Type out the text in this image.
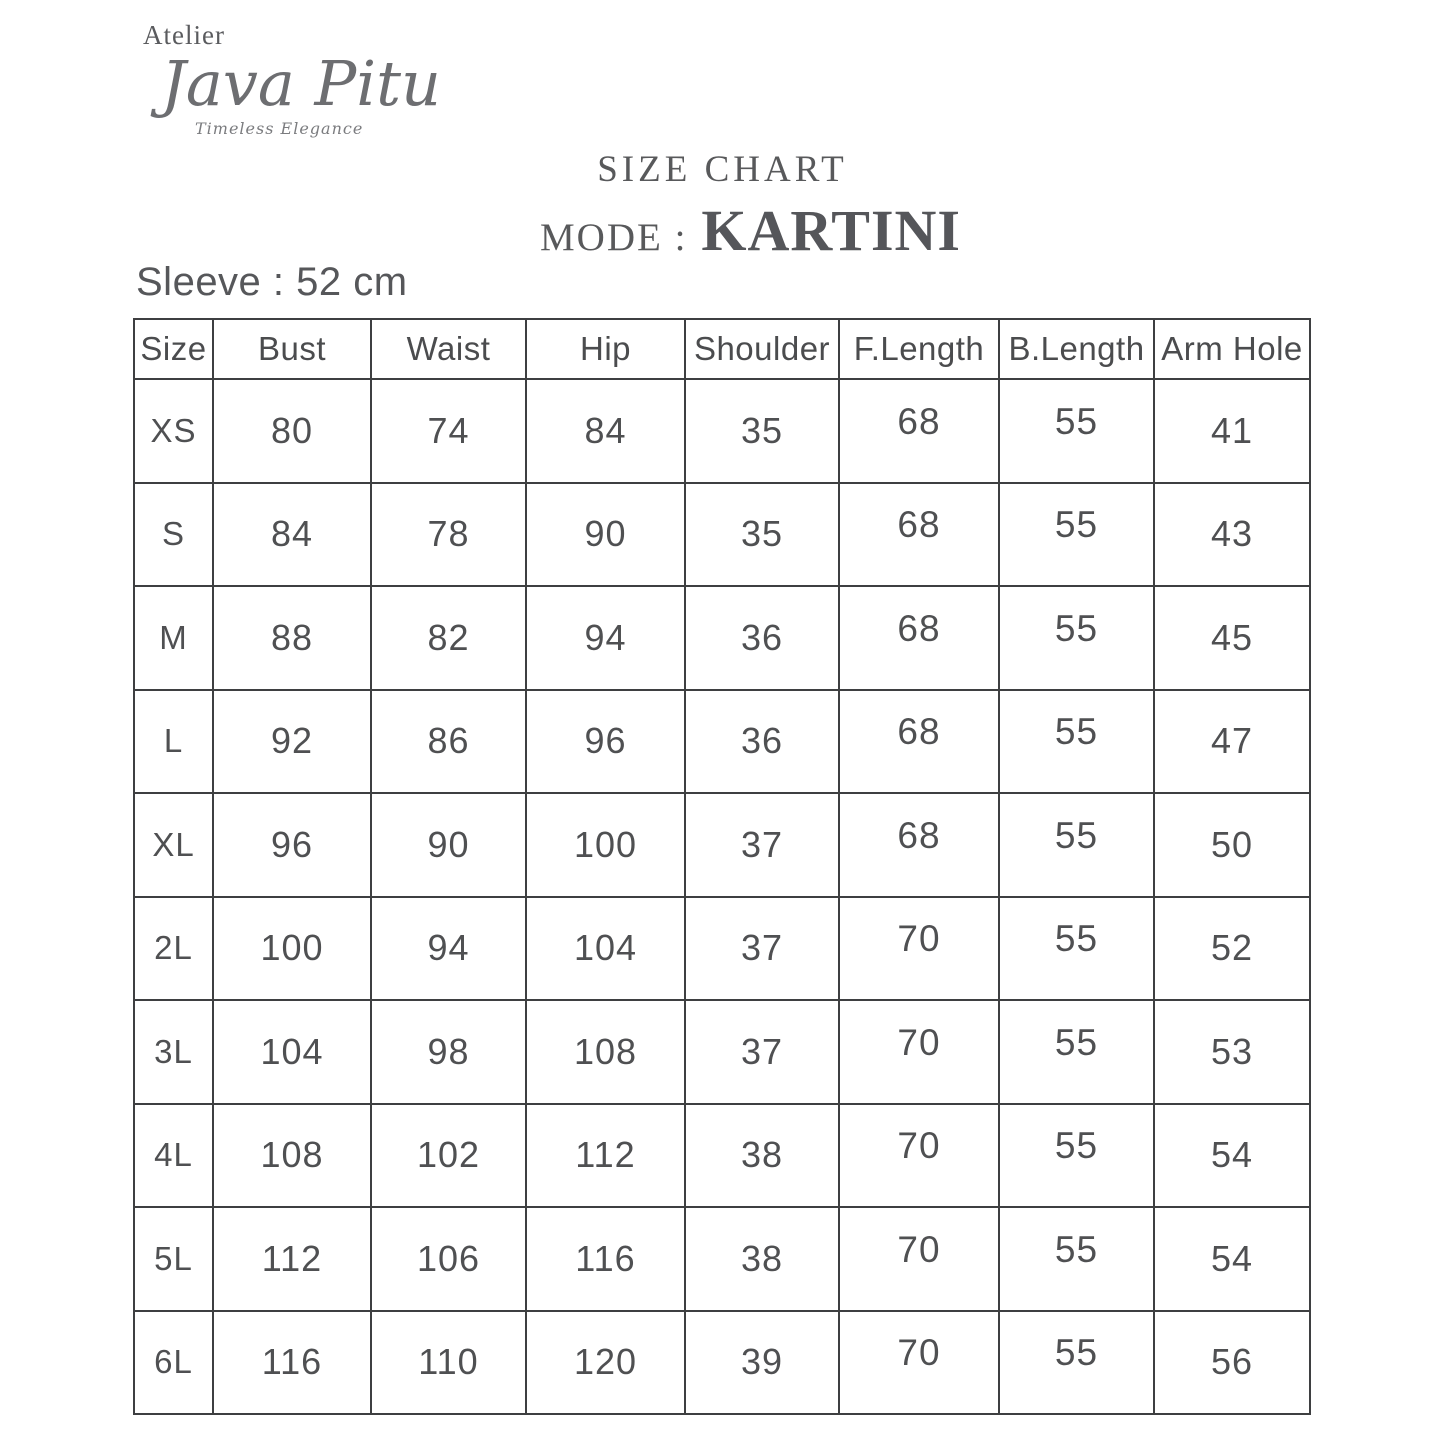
Atelier
Java Pitu
Timeless Elegance
SIZE CHART
MODE : KARTINI
Sleeve : 52 cm
Size	Bust	Waist	Hip	Shoulder	F.Length	B.Length	Arm Hole
XS	80	74	84	35	68	55	41
S	84	78	90	35	68	55	43
M	88	82	94	36	68	55	45
L	92	86	96	36	68	55	47
XL	96	90	100	37	68	55	50
2L	100	94	104	37	70	55	52
3L	104	98	108	37	70	55	53
4L	108	102	112	38	70	55	54
5L	112	106	116	38	70	55	54
6L	116	110	120	39	70	55	56
